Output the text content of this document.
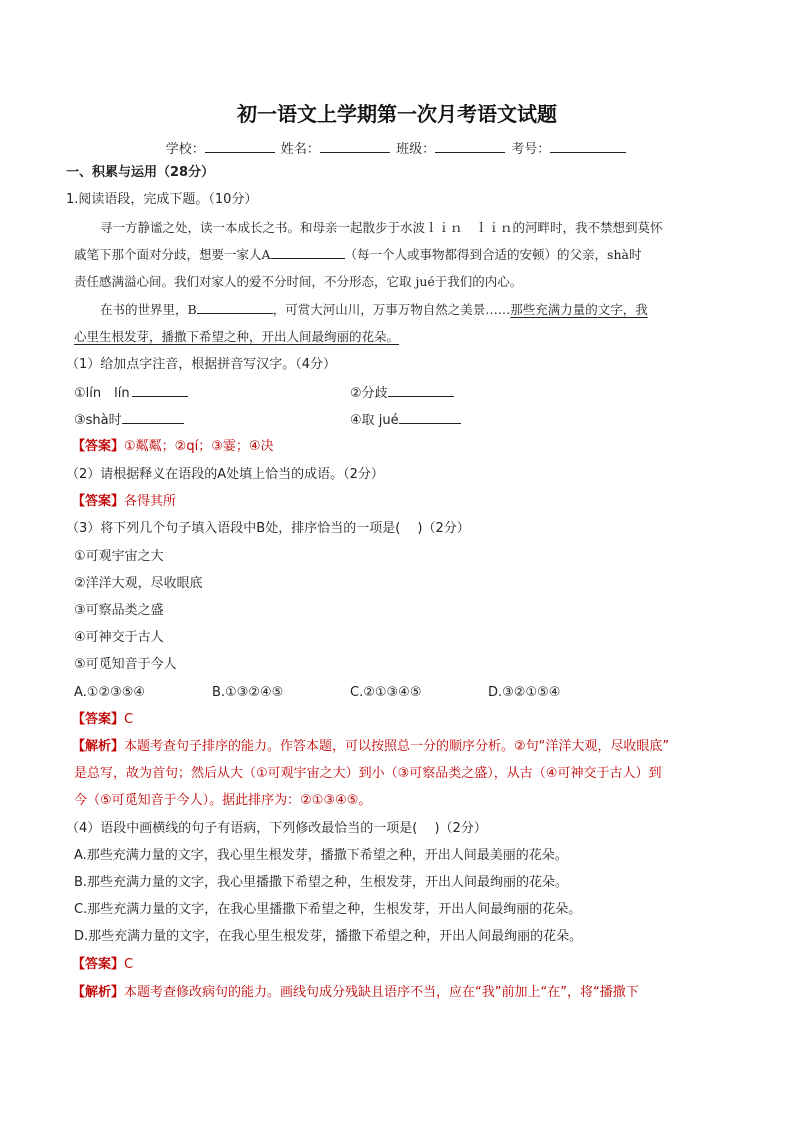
初一语文上学期第一次月考语文试题
学校：	姓名：	班级：	考号：
一、积累与运用（28分）
1.阅读语段，完成下题。（10分）
寻一方静谧之处，读一本成长之书。和母亲一起散步于水波ｌｉｎ　ｌｉｎ的河畔时，我不禁想到莫怀
戚笔下那个面对分歧，想要一家人A	（每一个人或事物都得到合适的安顿）的父亲，shà时
责任感满溢心间。我们对家人的爱不分时间，不分形态，它取 jué于我们的内心。
在书的世界里，B	，可赏大河山川，万事万物自然之美景……那些充满力量的文字，我
心里生根发芽，播撒下希望之种，开出人间最绚丽的花朵。
（1）给加点字注音，根据拼音写汉字。（4分）
①lín　lín	②分歧
③shà时	④取 jué
【答案】①粼粼；②qí；③霎；④决
（2）请根据释义在语段的A处填上恰当的成语。（2分）
【答案】各得其所
（3）将下列几个句子填入语段中B处，排序恰当的一项是(　 )（2分）
①可观宇宙之大
②洋洋大观，尽收眼底
③可察品类之盛
④可神交于古人
⑤可觅知音于今人
A.①②③⑤④	B.①③②④⑤	C.②①③④⑤	D.③②①⑤④
【答案】C
【解析】本题考查句子排序的能力。作答本题，可以按照总一分的顺序分析。②句“洋洋大观，尽收眼底”
是总写，故为首句；然后从大（①可观宇宙之大）到小（③可察品类之盛），从古（④可神交于古人）到
今（⑤可觅知音于今人）。据此排序为：②①③④⑤。
（4）语段中画横线的句子有语病，下列修改最恰当的一项是(　 )（2分）
A.那些充满力量的文字，我心里生根发芽，播撒下希望之种，开出人间最美丽的花朵。
B.那些充满力量的文字，我心里播撒下希望之种，生根发芽，开出人间最绚丽的花朵。
C.那些充满力量的文字，在我心里播撒下希望之种，生根发芽，开出人间最绚丽的花朵。
D.那些充满力量的文字，在我心里生根发芽，播撒下希望之种，开出人间最绚丽的花朵。
【答案】C
【解析】本题考查修改病句的能力。画线句成分残缺且语序不当，应在“我”前加上“在”，将“播撒下
